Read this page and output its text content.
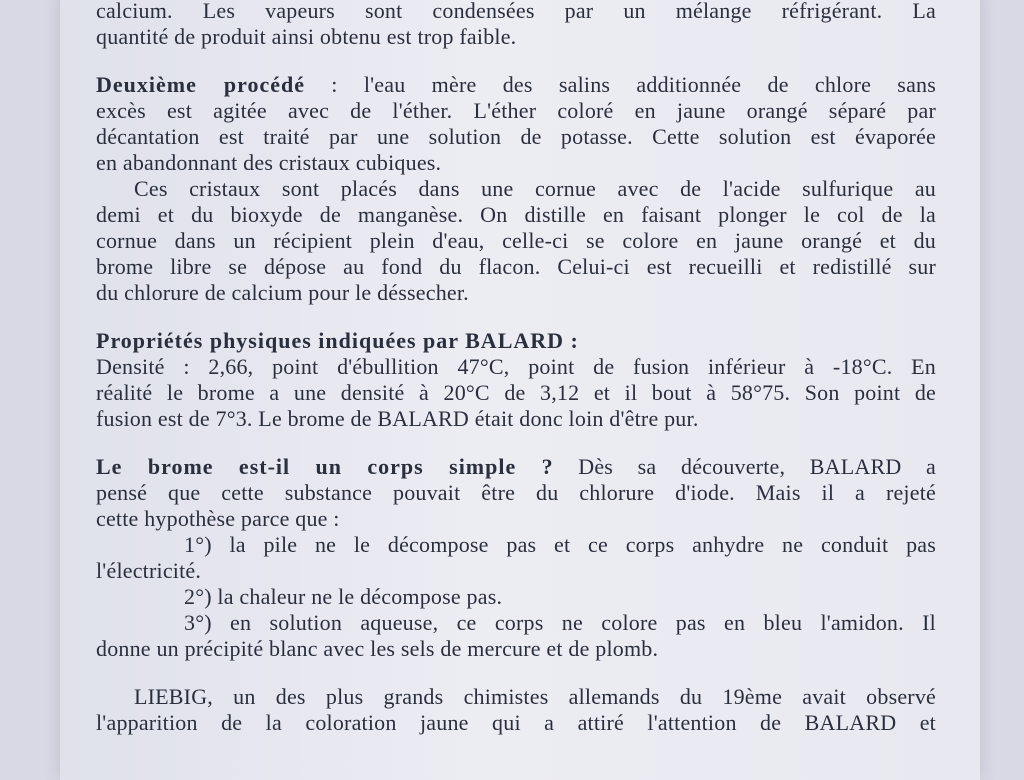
calcium. Les vapeurs sont condensées par un mélange réfrigérant. La
quantité de produit ainsi obtenu est trop faible.
Deuxième procédé : l'eau mère des salins additionnée de chlore sans
excès est agitée avec de l'éther. L'éther coloré en jaune orangé séparé par
décantation est traité par une solution de potasse. Cette solution est évaporée
en abandonnant des cristaux cubiques.
Ces cristaux sont placés dans une cornue avec de l'acide sulfurique au
demi et du bioxyde de manganèse. On distille en faisant plonger le col de la
cornue dans un récipient plein d'eau, celle-ci se colore en jaune orangé et du
brome libre se dépose au fond du flacon. Celui-ci est recueilli et redistillé sur
du chlorure de calcium pour le déssecher.
Propriétés physiques indiquées par BALARD :
Densité : 2,66, point d'ébullition 47°C, point de fusion inférieur à -18°C. En
réalité le brome a une densité à 20°C de 3,12 et il bout à 58°75. Son point de
fusion est de 7°3. Le brome de BALARD était donc loin d'être pur.
Le brome est-il un corps simple ? Dès sa découverte, BALARD a
pensé que cette substance pouvait être du chlorure d'iode. Mais il a rejeté
cette hypothèse parce que :
1°) la pile ne le décompose pas et ce corps anhydre ne conduit pas
l'électricité.
2°) la chaleur ne le décompose pas.
3°) en solution aqueuse, ce corps ne colore pas en bleu l'amidon. Il
donne un précipité blanc avec les sels de mercure et de plomb.
LIEBIG, un des plus grands chimistes allemands du 19ème avait observé
l'apparition de la coloration jaune qui a attiré l'attention de BALARD et
